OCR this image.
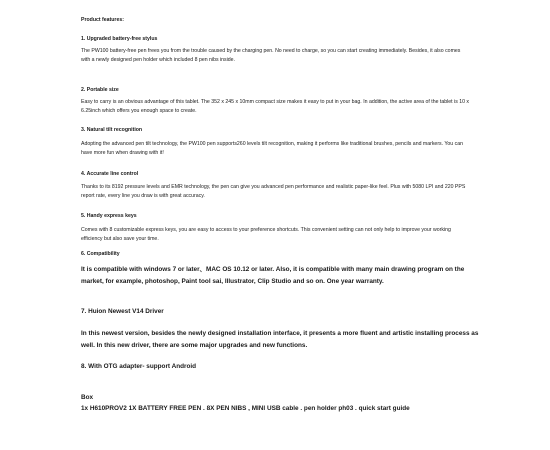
Product features:

1. Upgraded battery-free stylus

The PW100 battery-free pen frees you from the trouble caused by the charging pen. No need to charge, so you can start creating immediately. Besides, it also comes with a newly designed pen holder which included 8 pen nibs inside.

2. Portable size

Easy to carry is an obvious advantage of this tablet. The 352 x 245 x 10mm compact size makes it easy to put in your bag. In addition, the active area of the tablet is 10 x 6.25inch which offers you enough space to create.

3. Natural tilt recognition

Adopting the advanced pen tilt technology, the PW100 pen supports260 levels tilt recognition, making it performs like traditional brushes, pencils and markers. You can have more fun when drawing with it!

4. Accurate line control

Thanks to its 8192 pressure levels and EMR technology, the pen can give you advanced pen performance and realistic paper-like feel. Plus with 5080 LPI and 220 PPS report rate, every line you draw is with great accuracy.

5. Handy express keys

Comes with 8 customizable express keys, you are easy to access to your preference shortcuts. This convenient setting can not only help to improve your working efficiency but also save your time.

6. Compatibility

It is compatible with windows 7 or later、MAC OS 10.12 or later. Also, it is compatible with many main drawing program on the market, for example, photoshop, Paint tool sai, Illustrator, Clip Studio and so on. One year warranty.

7. Huion Newest V14 Driver

In this newest version, besides the newly designed installation interface, it presents a more fluent and artistic installing process as well. In this new driver, there are some major upgrades and new functions.

8. With OTG adapter- support Android

Box

1x H610PROV2 1X BATTERY FREE PEN . 8X PEN NIBS , MINI USB cable . pen holder ph03 . quick start guide
